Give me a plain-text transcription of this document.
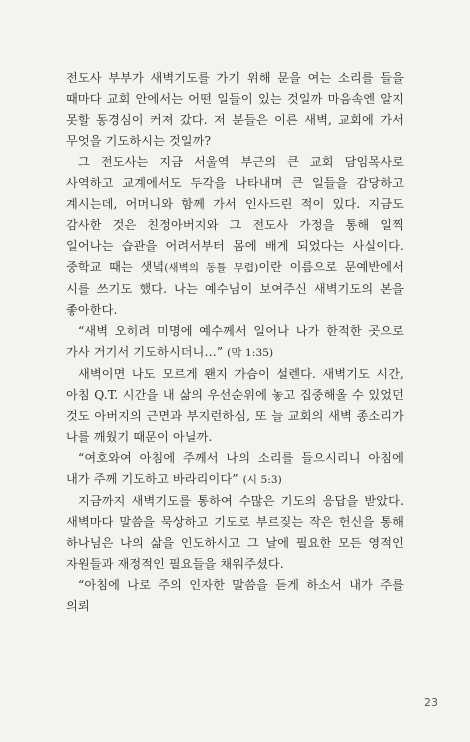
전도사 부부가 새벽기도를 가기 위해 문을 여는 소리를 들을 때마다 교회 안에서는 어떤 일들이 있는 것일까 마음속엔 알지 못할 동경심이 커져 갔다. 저 분들은 이른 새벽, 교회에 가서 무엇을 기도하시는 것일까?

그 전도사는 지금 서울역 부근의 큰 교회 담임목사로 사역하고 교계에서도 두각을 나타내며 큰 일들을 감당하고 계시는데, 어머니와 함께 가서 인사드린 적이 있다. 지금도 감사한 것은 친정아버지와 그 전도사 가정을 통해 일찍 일어나는 습관을 어려서부터 몸에 배게 되었다는 사실이다. 중학교 때는 샛녘(새벽의 동틀 무렵)이란 이름으로 문예반에서 시를 쓰기도 했다. 나는 예수님이 보여주신 새벽기도의 본을 좋아한다.

“새벽 오히려 미명에 예수께서 일어나 나가 한적한 곳으로 가사 거기서 기도하시더니…” (막 1:35)

새벽이면 나도 모르게 왠지 가슴이 설렌다. 새벽기도 시간, 아침 Q.T. 시간을 내 삶의 우선순위에 놓고 집중해올 수 있었던 것도 아버지의 근면과 부지런하심, 또 늘 교회의 새벽 종소리가 나를 깨웠기 때문이 아닐까.

“여호와여 아침에 주께서 나의 소리를 들으시리니 아침에 내가 주께 기도하고 바라리이다” (시 5:3)

지금까지 새벽기도를 통하여 수많은 기도의 응답을 받았다. 새벽마다 말씀을 묵상하고 기도로 부르짖는 작은 헌신을 통해 하나님은 나의 삶을 인도하시고 그 날에 필요한 모든 영적인 자원들과 재정적인 필요들을 채워주셨다.

“아침에 나로 주의 인자한 말씀을 듣게 하소서 내가 주를 의뢰

23
